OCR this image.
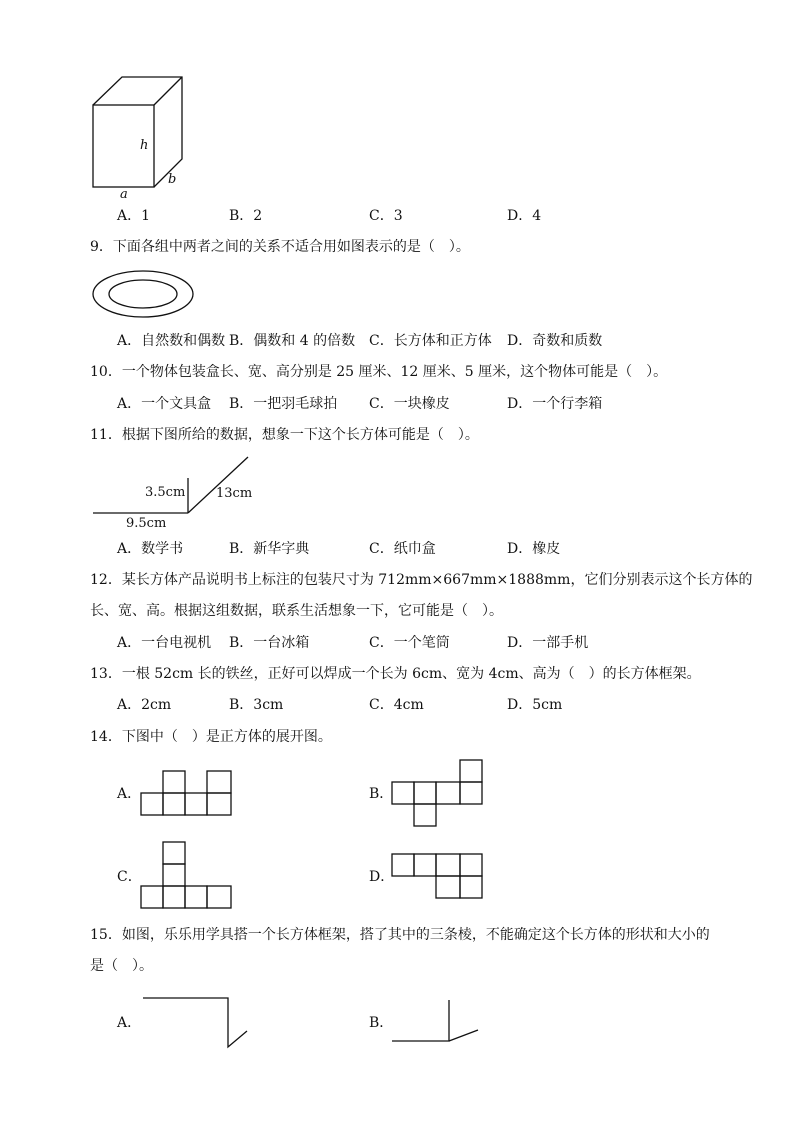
h
a
b
A．1	B．2	C．3	D．4
9．下面各组中两者之间的关系不适合用如图表示的是（　）。
A．自然数和偶数 B．偶数和 4 的倍数 C．长方体和正方体 D．奇数和质数
10．一个物体包装盒长、宽、高分别是 25 厘米、12 厘米、5 厘米，这个物体可能是（　）。
A．一个文具盒 B．一把羽毛球拍 C．一块橡皮	D．一个行李箱
11．根据下图所给的数据，想象一下这个长方体可能是（　）。
3.5cm 13cm
9.5cm
A．数学书	B．新华字典	C．纸巾盒	D．橡皮
12．某长方体产品说明书上标注的包装尺寸为 712mm×667mm×1888mm，它们分别表示这个长方体的
长、宽、高。根据这组数据，联系生活想象一下，它可能是（　）。
A．一台电视机 B．一台冰箱	C．一个笔筒	D．一部手机
13．一根 52cm 长的铁丝，正好可以焊成一个长为 6cm、宽为 4cm、高为（　）的长方体框架。
A．2cm	B．3cm	C．4cm	D．5cm
14．下图中（　）是正方体的展开图。
A．	B．
C．	D．
15．如图，乐乐用学具搭一个长方体框架，搭了其中的三条棱，不能确定这个长方体的形状和大小的
是（　）。
A．	B．
